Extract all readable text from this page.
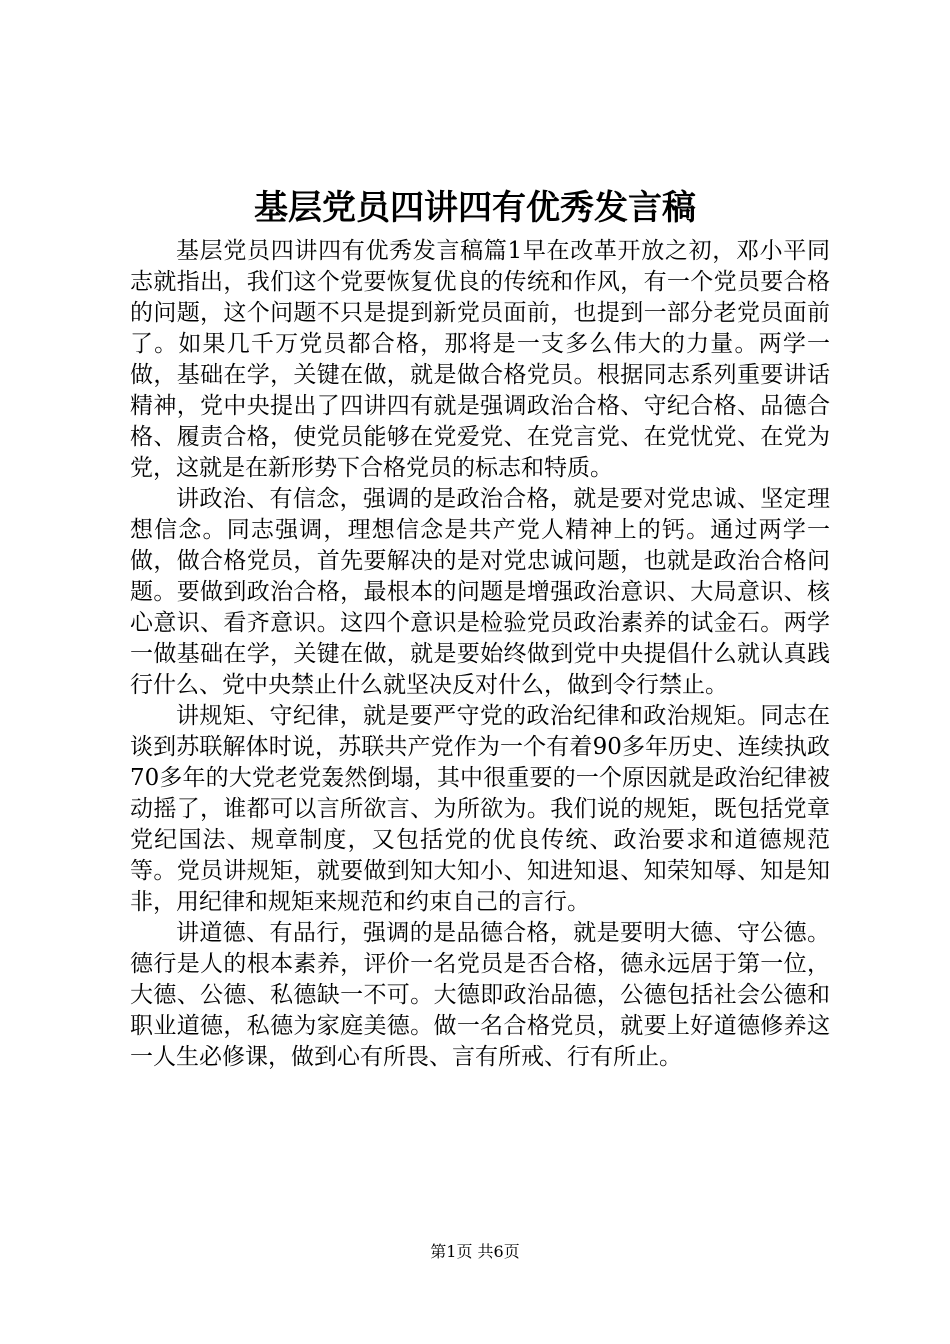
基层党员四讲四有优秀发言稿

基层党员四讲四有优秀发言稿篇1早在改革开放之初，邓小平同志就指出，我们这个党要恢复优良的传统和作风，有一个党员要合格的问题，这个问题不只是提到新党员面前，也提到一部分老党员面前了。如果几千万党员都合格，那将是一支多么伟大的力量。两学一做，基础在学，关键在做，就是做合格党员。根据同志系列重要讲话精神，党中央提出了四讲四有就是强调政治合格、守纪合格、品德合格、履责合格，使党员能够在党爱党、在党言党、在党忧党、在党为党，这就是在新形势下合格党员的标志和特质。

讲政治、有信念，强调的是政治合格，就是要对党忠诚、坚定理想信念。同志强调，理想信念是共产党人精神上的钙。通过两学一做，做合格党员，首先要解决的是对党忠诚问题，也就是政治合格问题。要做到政治合格，最根本的问题是增强政治意识、大局意识、核心意识、看齐意识。这四个意识是检验党员政治素养的试金石。两学一做基础在学，关键在做，就是要始终做到党中央提倡什么就认真践行什么、党中央禁止什么就坚决反对什么，做到令行禁止。

讲规矩、守纪律，就是要严守党的政治纪律和政治规矩。同志在谈到苏联解体时说，苏联共产党作为一个有着90多年历史、连续执政70多年的大党老党轰然倒塌，其中很重要的一个原因就是政治纪律被动摇了，谁都可以言所欲言、为所欲为。我们说的规矩，既包括党章党纪国法、规章制度，又包括党的优良传统、政治要求和道德规范等。党员讲规矩，就要做到知大知小、知进知退、知荣知辱、知是知非，用纪律和规矩来规范和约束自己的言行。

讲道德、有品行，强调的是品德合格，就是要明大德、守公德。德行是人的根本素养，评价一名党员是否合格，德永远居于第一位，大德、公德、私德缺一不可。大德即政治品德，公德包括社会公德和职业道德，私德为家庭美德。做一名合格党员，就要上好道德修养这一人生必修课，做到心有所畏、言有所戒、行有所止。

第1页 共6页
